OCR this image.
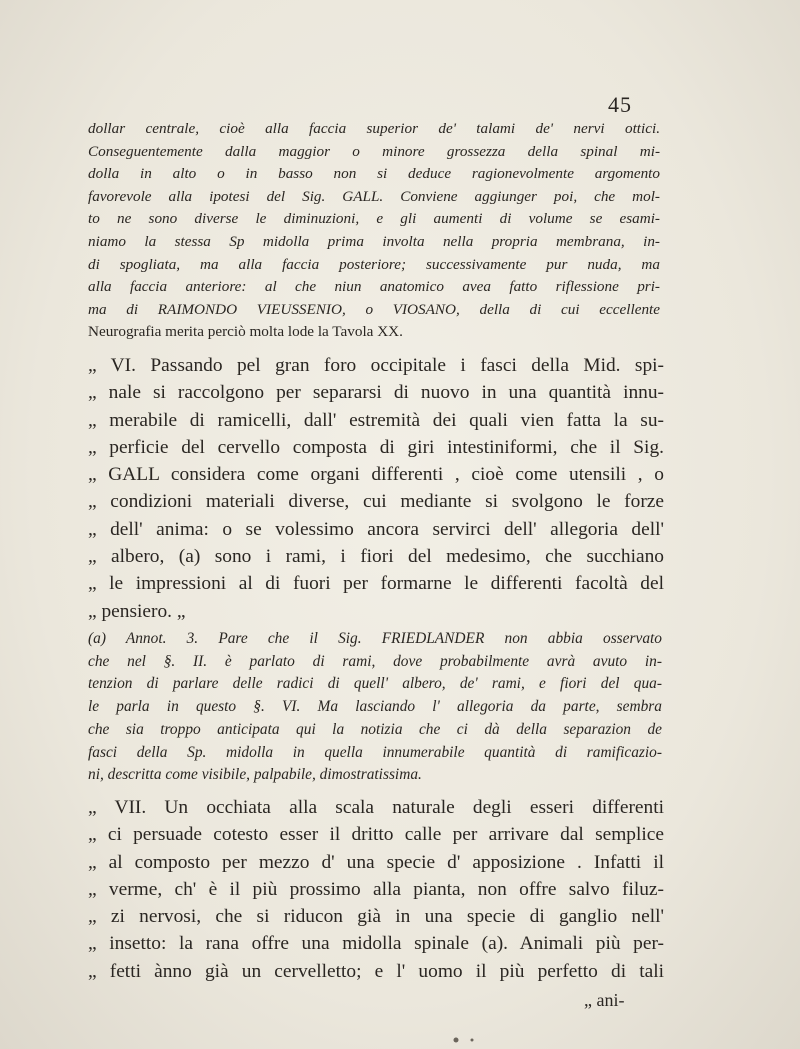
45
dollar centrale, cioè alla faccia superior de' talami de' nervi ottici.
Conseguentemente dalla maggior o minore grossezza della spinal mi-
dolla in alto o in basso non si deduce ragionevolmente argomento
favorevole alla ipotesi del Sig. GALL. Conviene aggiunger poi, che mol-
to ne sono diverse le diminuzioni, e gli aumenti di volume se esami-
niamo la stessa Sp midolla prima involta nella propria membrana, in-
di spogliata, ma alla faccia posteriore; successivamente pur nuda, ma
alla faccia anteriore: al che niun anatomico avea fatto riflessione pri-
ma di RAIMONDO VIEUSSENIO, o VIOSANO, della di cui eccellente
Neurografia merita perciò molta lode la Tavola XX.
„ VI. Passando pel gran foro occipitale i fasci della Mid. spi-
„ nale si raccolgono per separarsi di nuovo in una quantità innu-
„ merabile di ramicelli, dall' estremità dei quali vien fatta la su-
„ perficie del cervello composta di giri intestiniformi, che il Sig.
„ GALL considera come organi differenti , cioè come utensili , o
„ condizioni materiali diverse, cui mediante si svolgono le forze
„ dell' anima: o se volessimo ancora servirci dell' allegoria dell'
„ albero, (a) sono i rami, i fiori del medesimo, che succhiano
„ le impressioni al di fuori per formarne le differenti facoltà del
„ pensiero. „
(a) Annot. 3. Pare che il Sig. FRIEDLANDER non abbia osservato
che nel §. II. è parlato di rami, dove probabilmente avrà avuto in-
tenzion di parlare delle radici di quell' albero, de' rami, e fiori del qua-
le parla in questo §. VI. Ma lasciando l' allegoria da parte, sembra
che sia troppo anticipata qui la notizia che ci dà della separazion de
fasci della Sp. midolla in quella innumerabile quantità di ramificazio-
ni, descritta come visibile, palpabile, dimostratissima.
„ VII. Un occhiata alla scala naturale degli esseri differenti
„ ci persuade cotesto esser il dritto calle per arrivare dal semplice
„ al composto per mezzo d' una specie d' apposizione . Infatti il
„ verme, ch' è il più prossimo alla pianta, non offre salvo filuz-
„ zi nervosi, che si riducon già in una specie di ganglio nell'
„ insetto: la rana offre una midolla spinale (a). Animali più per-
„ fetti ànno già un cervelletto; e l' uomo il più perfetto di tali
„ ani-
